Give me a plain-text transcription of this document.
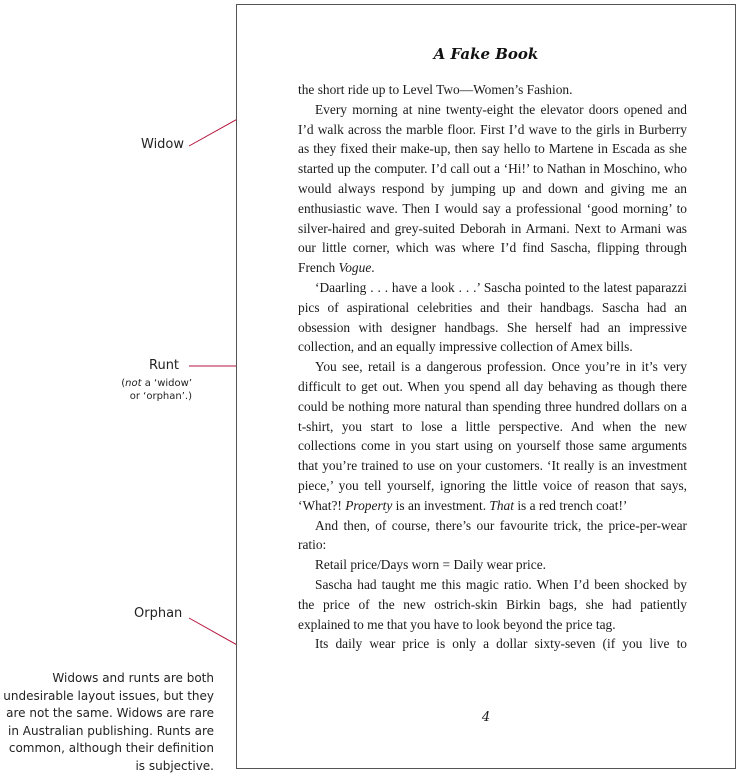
Widow
Runt
(not a ‘widow’
or ‘orphan’.)
Orphan
Widows and runts are both undesirable layout issues, but they are not the same. Widows are rare in Australian publishing. Runts are common, although their definition is subjective.
A Fake Book

the short ride up to Level Two—Women’s Fashion.

Every morning at nine twenty-eight the elevator doors opened and I’d walk across the marble floor. First I’d wave to the girls in Burberry as they fixed their make-up, then say hello to Martene in Escada as she started up the computer. I’d call out a ‘Hi!’ to Nathan in Moschino, who would always respond by jumping up and down and giving me an enthusiastic wave. Then I would say a professional ‘good morning’ to silver-haired and grey-suited Deborah in Armani. Next to Armani was our little corner, which was where I’d find Sascha, flipping through French Vogue.

‘Daarling . . . have a look . . .’ Sascha pointed to the latest paparazzi pics of aspirational celebrities and their handbags. Sascha had an obsession with designer handbags. She herself had an impressive collection, and an equally impressive collection of Amex bills.

You see, retail is a dangerous profession. Once you’re in it’s very difficult to get out. When you spend all day behaving as though there could be nothing more natural than spending three hundred dollars on a t-shirt, you start to lose a little perspective. And when the new collections come in you start using on yourself those same arguments that you’re trained to use on your customers. ‘It really is an investment piece,’ you tell yourself, ignoring the little voice of reason that says, ‘What?! Property is an investment. That is a red trench coat!’

And then, of course, there’s our favourite trick, the price-per-wear ratio:

Retail price/Days worn = Daily wear price.

Sascha had taught me this magic ratio. When I’d been shocked by the price of the new ostrich-skin Birkin bags, she had patiently explained to me that you have to look beyond the price tag.

Its daily wear price is only a dollar sixty-seven (if you live to

4
